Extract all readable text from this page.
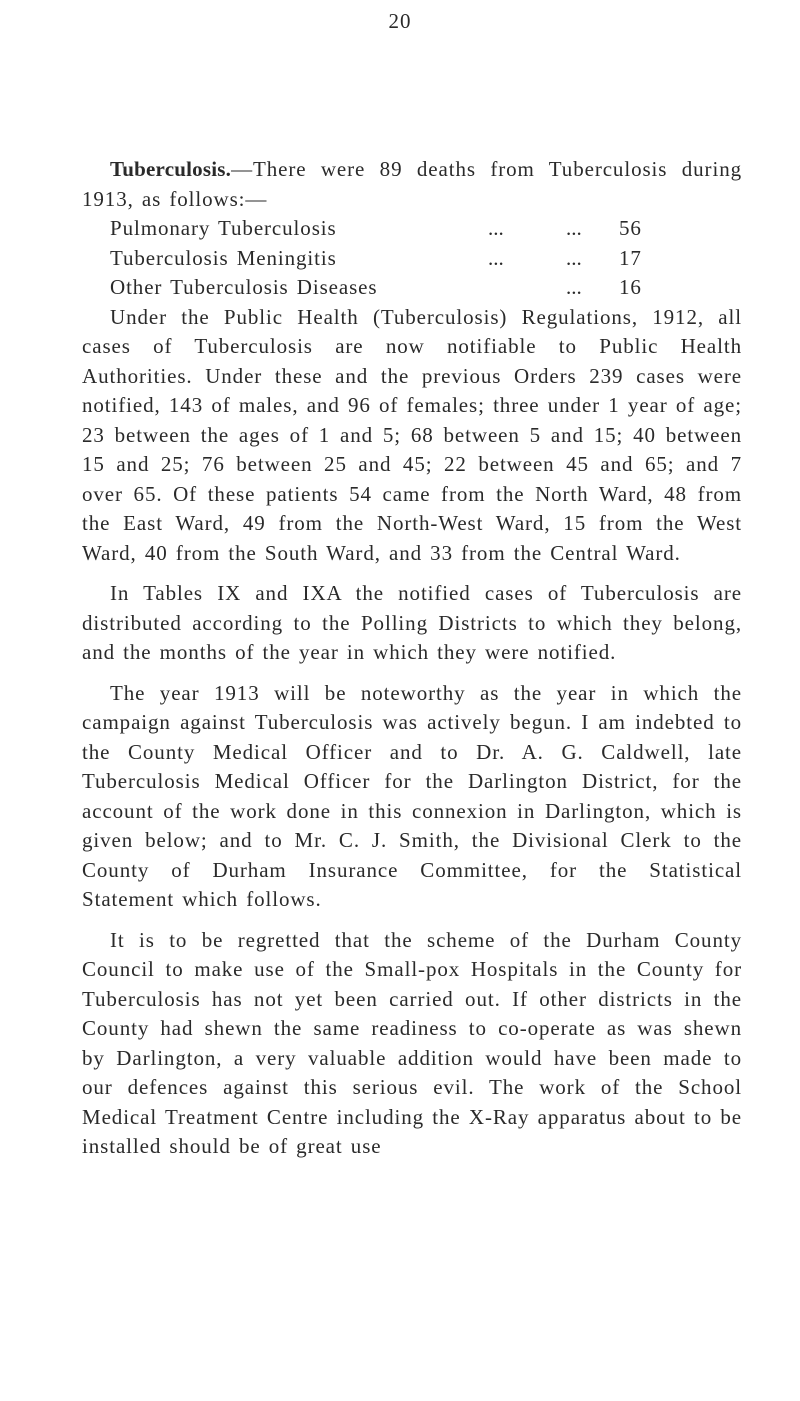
20

Tuberculosis.—There were 89 deaths from Tuberculosis during 1913, as follows:—

Pulmonary Tuberculosis	...	... 56
Tuberculosis Meningitis	...	... 17
Other Tuberculosis Diseases	... 16

Under the Public Health (Tuberculosis) Regulations, 1912, all cases of Tuberculosis are now notifiable to Public Health Authorities. Under these and the previous Orders 239 cases were notified, 143 of males, and 96 of females; three under 1 year of age; 23 between the ages of 1 and 5; 68 between 5 and 15; 40 between 15 and 25; 76 between 25 and 45; 22 between 45 and 65; and 7 over 65. Of these patients 54 came from the North Ward, 48 from the East Ward, 49 from the North-West Ward, 15 from the West Ward, 40 from the South Ward, and 33 from the Central Ward.

In Tables IX and IXA the notified cases of Tuberculosis are distributed according to the Polling Districts to which they belong, and the months of the year in which they were notified.

The year 1913 will be noteworthy as the year in which the campaign against Tuberculosis was actively begun. I am indebted to the County Medical Officer and to Dr. A. G. Caldwell, late Tuberculosis Medical Officer for the Darlington District, for the account of the work done in this connexion in Darlington, which is given below; and to Mr. C. J. Smith, the Divisional Clerk to the County of Durham Insurance Committee, for the Statistical Statement which follows.

It is to be regretted that the scheme of the Durham County Council to make use of the Small-pox Hospitals in the County for Tuberculosis has not yet been carried out. If other districts in the County had shewn the same readiness to co-operate as was shewn by Darlington, a very valuable addition would have been made to our defences against this serious evil. The work of the School Medical Treatment Centre including the X-Ray apparatus about to be installed should be of great use
